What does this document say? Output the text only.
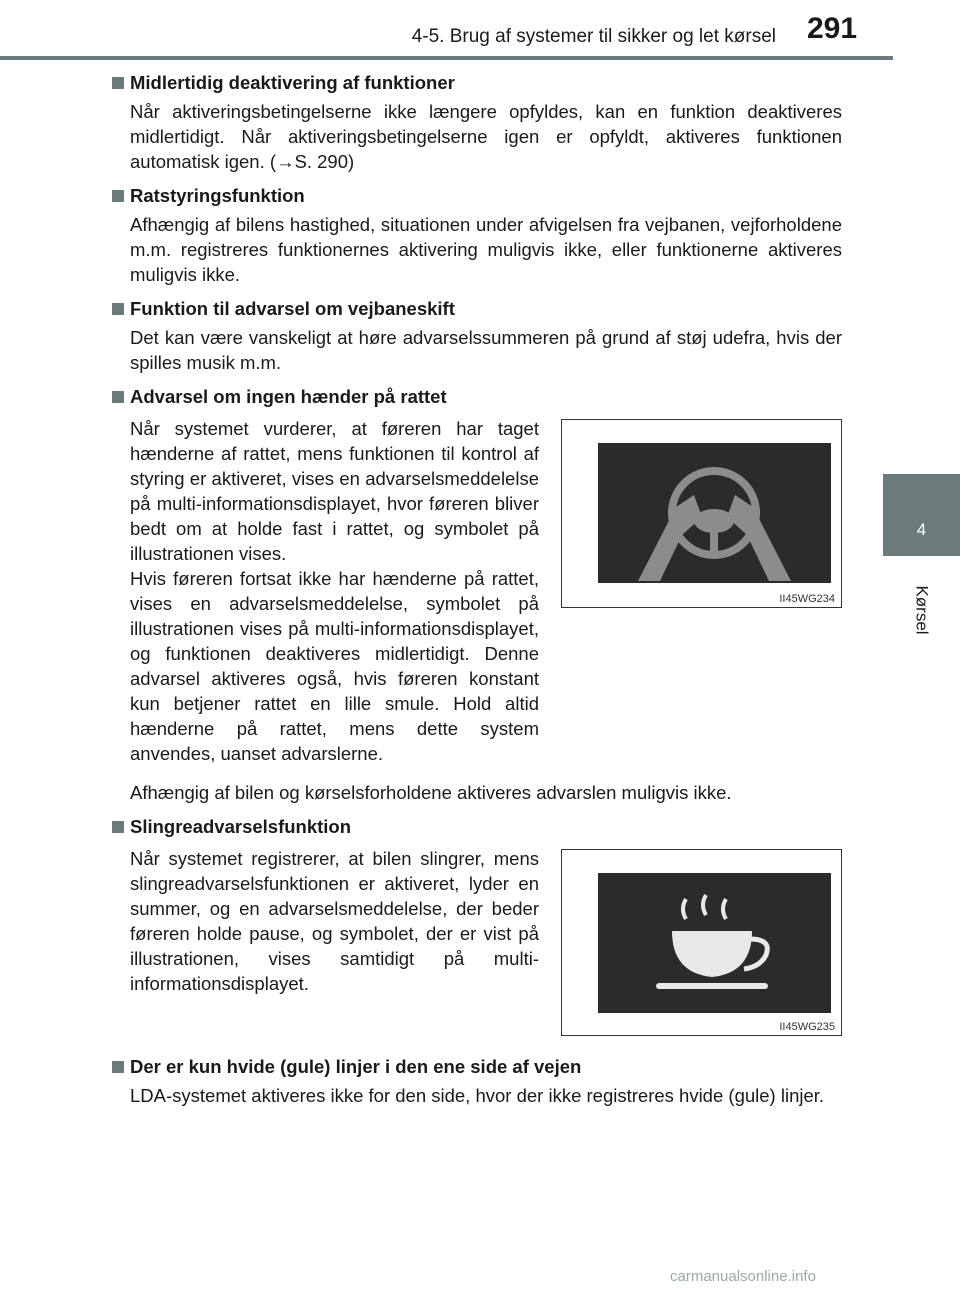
4-5. Brug af systemer til sikker og let kørsel	291
4
Kørsel

Midlertidig deaktivering af funktioner

Når aktiveringsbetingelserne ikke længere opfyldes, kan en funktion deaktiveres midlertidigt. Når aktiveringsbetingelserne igen er opfyldt, aktiveres funktionen automatisk igen. (→S. 290)

Ratstyringsfunktion

Afhængig af bilens hastighed, situationen under afvigelsen fra vejbanen, vejforholdene m.m. registreres funktionernes aktivering muligvis ikke, eller funktionerne aktiveres muligvis ikke.

Funktion til advarsel om vejbaneskift

Det kan være vanskeligt at høre advarselssummeren på grund af støj udefra, hvis der spilles musik m.m.

Advarsel om ingen hænder på rattet

Når systemet vurderer, at føreren har taget hænderne af rattet, mens funktionen til kontrol af styring er aktiveret, vises en advarselsmeddelelse på multi-informationsdisplayet, hvor føreren bliver bedt om at holde fast i rattet, og symbolet på illustrationen vises.
Hvis føreren fortsat ikke har hænderne på rattet, vises en advarselsmeddelelse, symbolet på illustrationen vises på multi-informationsdisplayet, og funktionen deaktiveres midlertidigt. Denne advarsel aktiveres også, hvis føreren konstant kun betjener rattet en lille smule. Hold altid hænderne på rattet, mens dette system anvendes, uanset advarslerne.
II45WG234

Afhængig af bilen og kørselsforholdene aktiveres advarslen muligvis ikke.

Slingreadvarselsfunktion

Når systemet registrerer, at bilen slingrer, mens slingreadvarselsfunktionen er aktiveret, lyder en summer, og en advarselsmeddelelse, der beder føreren holde pause, og symbolet, der er vist på illustrationen, vises samtidigt på multi-informationsdisplayet.
II45WG235

Der er kun hvide (gule) linjer i den ene side af vejen

LDA-systemet aktiveres ikke for den side, hvor der ikke registreres hvide (gule) linjer.

carmanualsonline.info
